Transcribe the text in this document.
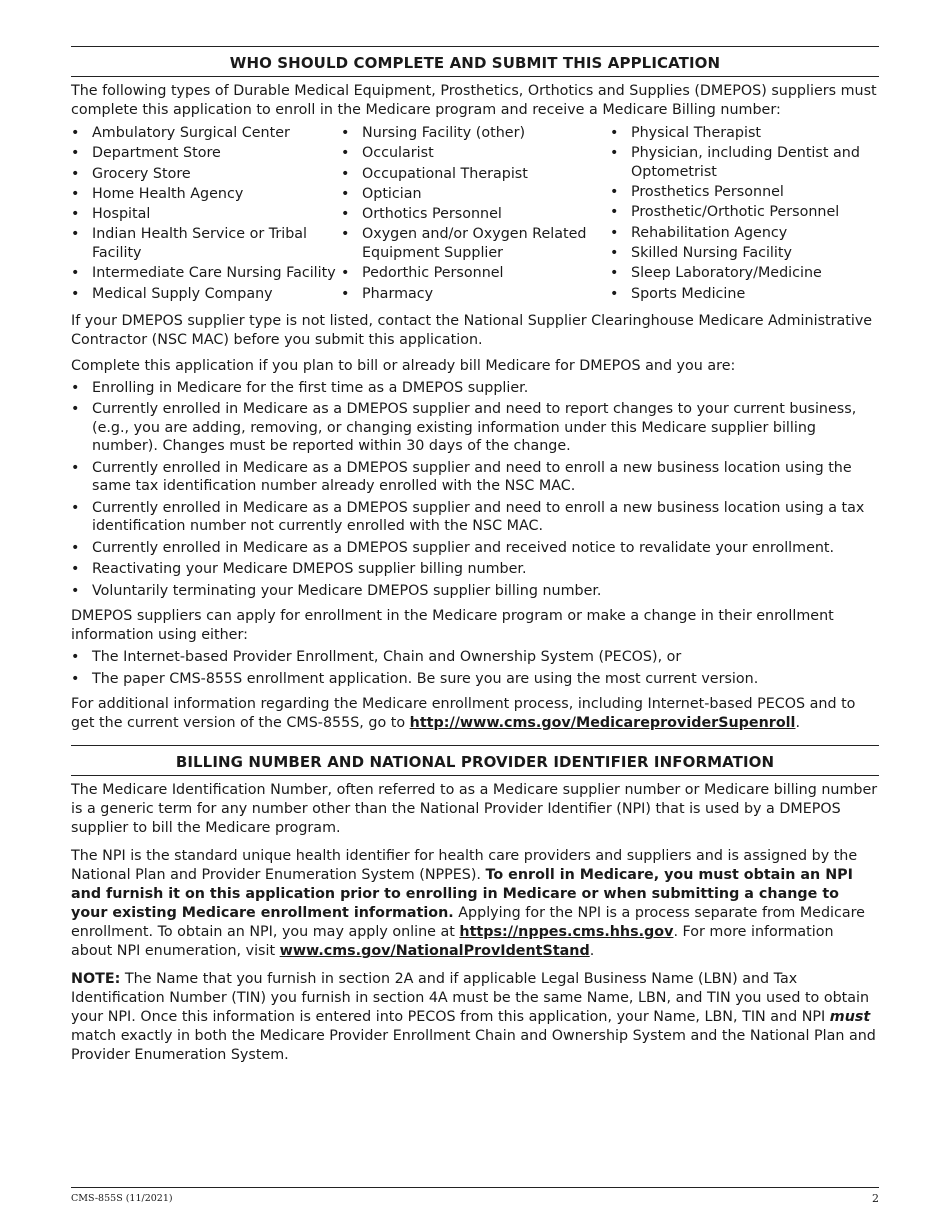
WHO SHOULD COMPLETE AND SUBMIT THIS APPLICATION

The following types of Durable Medical Equipment, Prosthetics, Orthotics and Supplies (DMEPOS) suppliers must complete this application to enroll in the Medicare program and receive a Medicare Billing number:

• Ambulatory Surgical Center
• Department Store
• Grocery Store
• Home Health Agency
• Hospital
• Indian Health Service or Tribal Facility
• Intermediate Care Nursing Facility
• Medical Supply Company
• Nursing Facility (other)
• Occularist
• Occupational Therapist
• Optician
• Orthotics Personnel
• Oxygen and/or Oxygen Related Equipment Supplier
• Pedorthic Personnel
• Pharmacy
• Physical Therapist
• Physician, including Dentist and Optometrist
• Prosthetics Personnel
• Prosthetic/Orthotic Personnel
• Rehabilitation Agency
• Skilled Nursing Facility
• Sleep Laboratory/Medicine
• Sports Medicine

If your DMEPOS supplier type is not listed, contact the National Supplier Clearinghouse Medicare Administrative Contractor (NSC MAC) before you submit this application.

Complete this application if you plan to bill or already bill Medicare for DMEPOS and you are:

• Enrolling in Medicare for the first time as a DMEPOS supplier.
• Currently enrolled in Medicare as a DMEPOS supplier and need to report changes to your current business, (e.g., you are adding, removing, or changing existing information under this Medicare supplier billing number). Changes must be reported within 30 days of the change.
• Currently enrolled in Medicare as a DMEPOS supplier and need to enroll a new business location using the same tax identification number already enrolled with the NSC MAC.
• Currently enrolled in Medicare as a DMEPOS supplier and need to enroll a new business location using a tax identification number not currently enrolled with the NSC MAC.
• Currently enrolled in Medicare as a DMEPOS supplier and received notice to revalidate your enrollment.
• Reactivating your Medicare DMEPOS supplier billing number.
• Voluntarily terminating your Medicare DMEPOS supplier billing number.

DMEPOS suppliers can apply for enrollment in the Medicare program or make a change in their enrollment information using either:

• The Internet-based Provider Enrollment, Chain and Ownership System (PECOS), or
• The paper CMS-855S enrollment application. Be sure you are using the most current version.

For additional information regarding the Medicare enrollment process, including Internet-based PECOS and to get the current version of the CMS-855S, go to http://www.cms.gov/MedicareproviderSupenroll.

BILLING NUMBER AND NATIONAL PROVIDER IDENTIFIER INFORMATION

The Medicare Identification Number, often referred to as a Medicare supplier number or Medicare billing number is a generic term for any number other than the National Provider Identifier (NPI) that is used by a DMEPOS supplier to bill the Medicare program.

The NPI is the standard unique health identifier for health care providers and suppliers and is assigned by the National Plan and Provider Enumeration System (NPPES). To enroll in Medicare, you must obtain an NPI and furnish it on this application prior to enrolling in Medicare or when submitting a change to your existing Medicare enrollment information. Applying for the NPI is a process separate from Medicare enrollment. To obtain an NPI, you may apply online at https://nppes.cms.hhs.gov. For more information about NPI enumeration, visit www.cms.gov/NationalProvIdentStand.

NOTE: The Name that you furnish in section 2A and if applicable Legal Business Name (LBN) and Tax Identification Number (TIN) you furnish in section 4A must be the same Name, LBN, and TIN you used to obtain your NPI. Once this information is entered into PECOS from this application, your Name, LBN, TIN and NPI must match exactly in both the Medicare Provider Enrollment Chain and Ownership System and the National Plan and Provider Enumeration System.

CMS-855S (11/2021)	2
